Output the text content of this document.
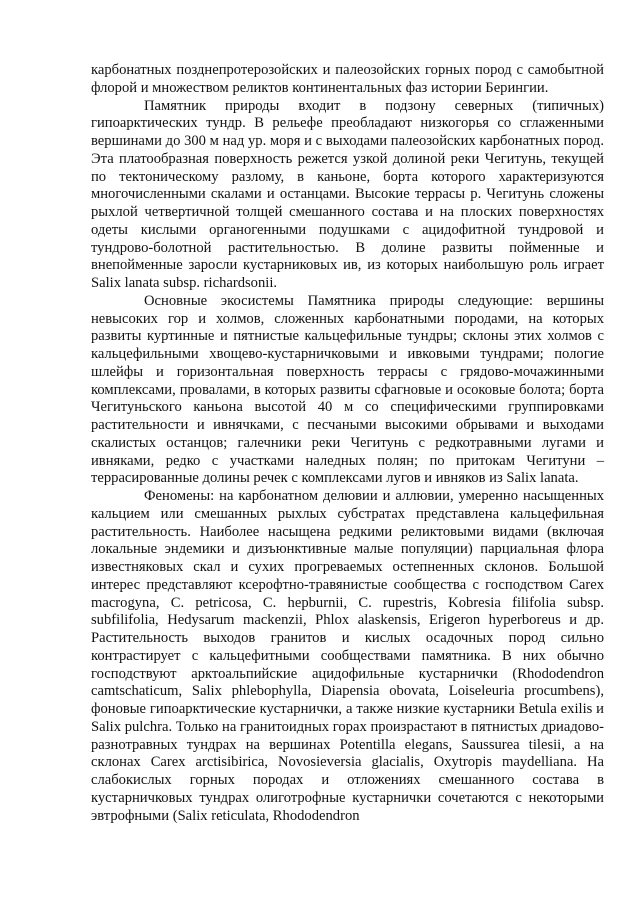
карбонатных позднепротерозойских и палеозойских горных пород с самобытной флорой и множеством реликтов континентальных фаз истории Берингии.

Памятник природы входит в подзону северных (типичных) гипоарктических тундр. В рельефе преобладают низкогорья со сглаженными вершинами до 300 м над ур. моря и с выходами палеозойских карбонатных пород. Эта платообразная поверхность режется узкой долиной реки Чегитунь, текущей по тектоническому разлому, в каньоне, борта которого характеризуются многочисленными скалами и останцами. Высокие террасы р. Чегитунь сложены рыхлой четвертичной толщей смешанного состава и на плоских поверхностях одеты кислыми органогенными подушками с ацидофитной тундровой и тундрово-болотной растительностью. В долине развиты пойменные и внепойменные заросли кустарниковых ив, из которых наибольшую роль играет Salix lanata subsp. richardsonii.

Основные экосистемы Памятника природы следующие: вершины невысоких гор и холмов, сложенных карбонатными породами, на которых развиты куртинные и пятнистые кальцефильные тундры; склоны этих холмов с кальцефильными хвощево-кустарничковыми и ивковыми тундрами; пологие шлейфы и горизонтальная поверхность террасы с грядово-мочажинными комплексами, провалами, в которых развиты сфагновые и осоковые болота; борта Чегитуньского каньона высотой 40 м со специфическими группировками растительности и ивнячками, с песчаными высокими обрывами и выходами скалистых останцов; галечники реки Чегитунь с редкотравными лугами и ивняками, редко с участками наледных полян; по притокам Чегитуни – террасированные долины речек с комплексами лугов и ивняков из Salix lanata.

Феномены: на карбонатном делювии и аллювии, умеренно насыщенных кальцием или смешанных рыхлых субстратах представлена кальцефильная растительность. Наиболее насыщена редкими реликтовыми видами (включая локальные эндемики и дизъюнктивные малые популяции) парциальная флора известняковых скал и сухих прогреваемых остепненных склонов. Большой интерес представляют ксерофтно-травянистые сообщества с господством Carex macrogyna, C. petricosa, C. hepburnii, C. rupestris, Kobresia filifolia subsp. subfilifolia, Hedysarum mackenzii, Phlox alaskensis, Erigeron hyperboreus и др. Растительность выходов гранитов и кислых осадочных пород сильно контрастирует с кальцефитными сообществами памятника. В них обычно господствуют арктоальпийские ацидофильные кустарнички (Rhododendron camtschaticum, Salix phlebophylla, Diapensia obovata, Loiseleuria procumbens), фоновые гипоарктические кустарнички, а также низкие кустарники Betula exilis и Salix pulchra. Только на гранитоидных горах произрастают в пятнистых дриадово-разнотравных тундрах на вершинах Potentilla elegans, Saussurea tilesii, а на склонах Carex arctisibirica, Novosieversia glacialis, Oxytropis maydelliana. На слабокислых горных породах и отложениях смешанного состава в кустарничковых тундрах олиготрофные кустарнички сочетаются с некоторыми эвтрофными (Salix reticulata, Rhododendron
